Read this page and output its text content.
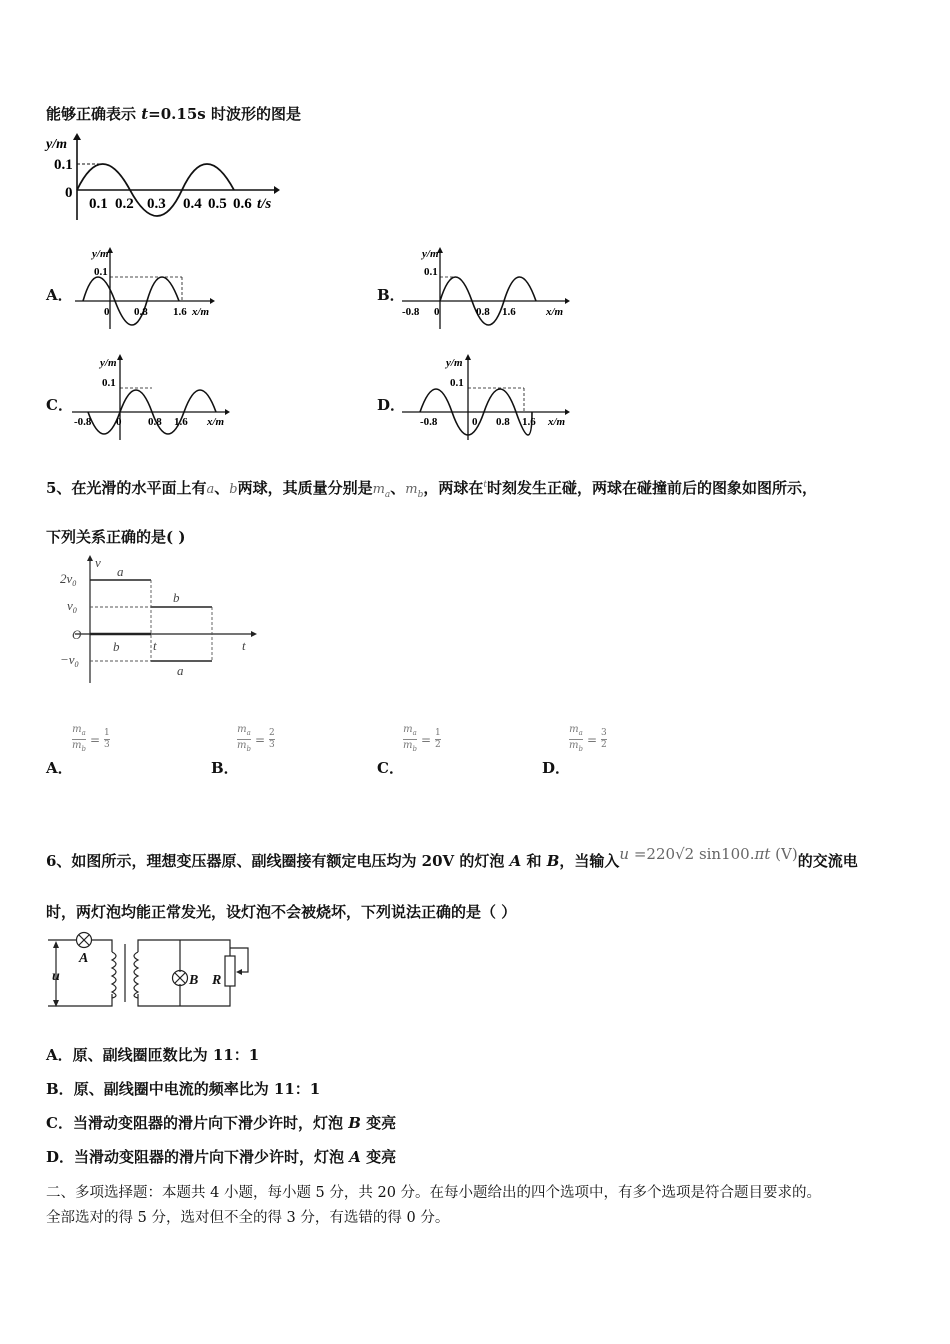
能够正确表示 t=0.15s 时波形的图是
y/m
0.1
0
0.1 0.2 0.3 0.4 0.5 0.6 t/s
A．
y/m
0.1
0 0.8 1.6 x/m
B．
y/m
0.1
0
-0.8	0.8 1.6	x/m
C．
y/m
0.1
0
-0.8	0.8 1.6 x/m
D．
y/m
0.1
0
-0.8	0.8 1.6 x/m
5、在光滑的水平面上有a、b两球，其质量分别是$m_a$、$m_b$，两球在$^t$时刻发生正碰，两球在碰撞前后的图象如图所示，
下列关系正确的是( )
v
t
O
$2v_0$
$v_0$
$-v_0$
t
a
b
b
a
$\frac{m_a}{m_b} = \frac{1}{3}$
A．
$\frac{m_a}{m_b} = \frac{2}{3}$
B．
$\frac{m_a}{m_b} = \frac{1}{2}$
C．
$\frac{m_a}{m_b} = \frac{3}{2}$
D．
6、如图所示，理想变压器原、副线圈接有额定电压均为 20V 的灯泡 A 和 B，当输入u =220√2 sin100.πt (V)的交流电
时，两灯泡均能正常发光，设灯泡不会被烧坏，下列说法正确的是（ ）
u
A
B R
A．原、副线圈匝数比为 11：1
B．原、副线圈中电流的频率比为 11：1
C．当滑动变阻器的滑片向下滑少许时，灯泡 B 变亮
D．当滑动变阻器的滑片向下滑少许时，灯泡 A 变亮
二、多项选择题：本题共 4 小题，每小题 5 分，共 20 分。在每小题给出的四个选项中，有多个选项是符合题目要求的。
全部选对的得 5 分，选对但不全的得 3 分，有选错的得 0 分。
